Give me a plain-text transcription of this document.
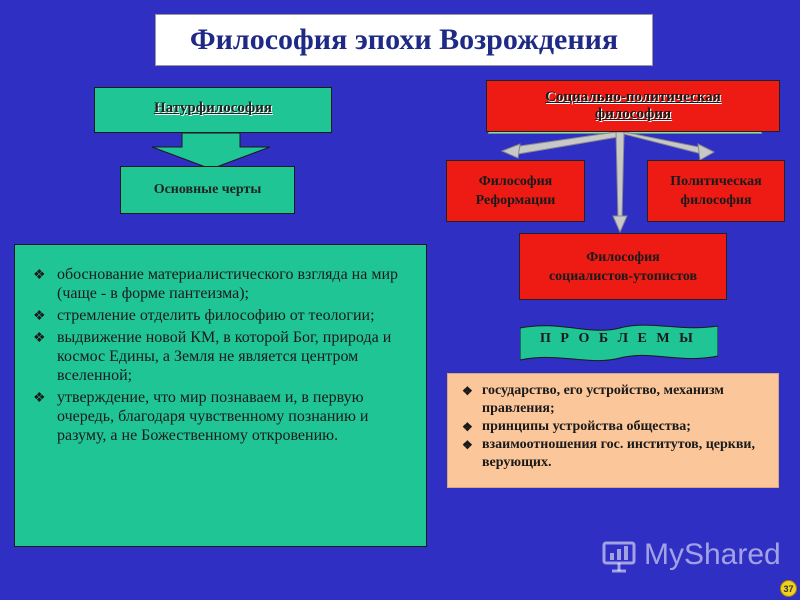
Философия эпохи Возрождения
Натурфилософия
Основные черты
❖ обоснование материалистического взгляда на мир (чаще - в форме пантеизма);
❖ стремление отделить философию от теологии;
❖ выдвижение новой КМ, в которой Бог, природа и космос Едины, а Земля не является центром вселенной;
❖ утверждение, что мир познаваем и, в первую очередь, благодаря чувственному познанию и разуму, а не Божественному откровению.
Социально-политическая
философия
Философия
Реформации
Политическая
философия
Философия
социалистов-утопистов
П Р О Б Л Е М Ы
❖ государство, его устройство, механизм правления;
❖ принципы устройства общества;
❖ взаимоотношения гос. институтов, церкви, верующих.
MyShared
37
